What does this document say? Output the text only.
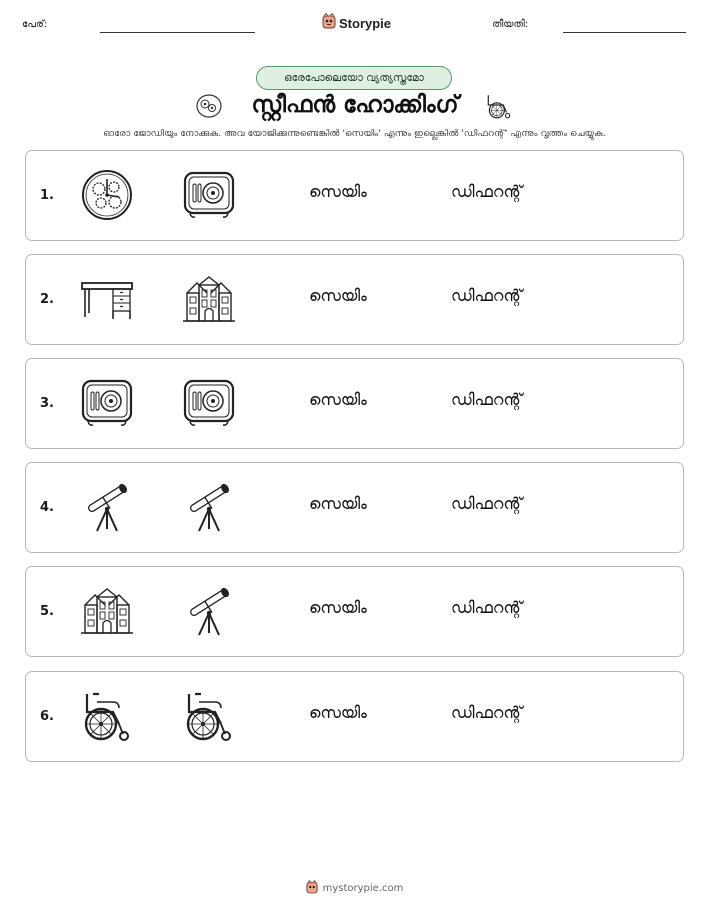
പേര്:	Storypie	തീയതി:
ഒരേപോലെയോ വ്യത്യസ്തമോ
സ്റ്റീഫൻ ഹോക്കിംഗ്
ഓരോ ജോഡിയും നോക്കുക. അവ യോജിക്കുന്നുണ്ടെങ്കിൽ 'സെയിം' എന്നും ഇല്ലെങ്കിൽ 'ഡിഫറന്റ്' എന്നും വൃത്തം ചെയ്യുക.
1.	സെയിം	ഡിഫറന്റ്
2.	സെയിം	ഡിഫറന്റ്
3.	സെയിം	ഡിഫറന്റ്
4.	സെയിം	ഡിഫറന്റ്
5.	സെയിം	ഡിഫറന്റ്
6.	സെയിം	ഡിഫറന്റ്
mystorypie.com
